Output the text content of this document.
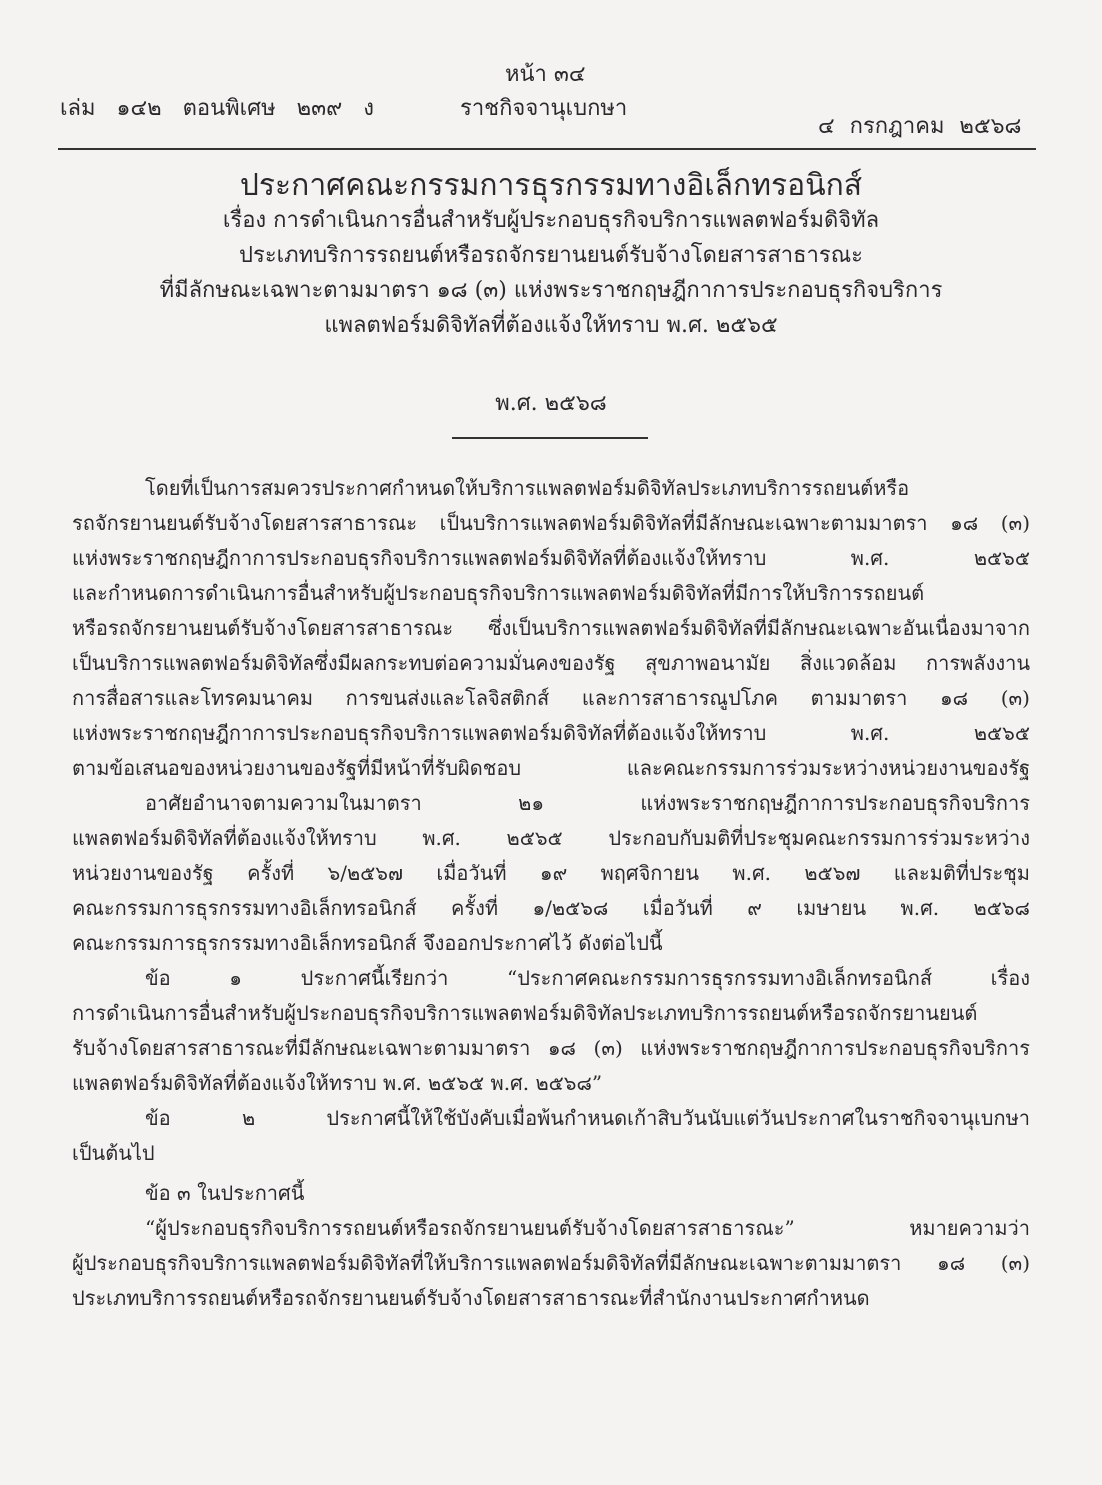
หน้า ๓๔
เล่ม ๑๔๒ ตอนพิเศษ ๒๓๙ ง	ราชกิจจานุเบกษา
๔ กรกฎาคม ๒๕๖๘
ประกาศคณะกรรมการธุรกรรมทางอิเล็กทรอนิกส์
เรื่อง การดำเนินการอื่นสำหรับผู้ประกอบธุรกิจบริการแพลตฟอร์มดิจิทัล
ประเภทบริการรถยนต์หรือรถจักรยานยนต์รับจ้างโดยสารสาธารณะ
ที่มีลักษณะเฉพาะตามมาตรา ๑๘ (๓) แห่งพระราชกฤษฎีกาการประกอบธุรกิจบริการ
แพลตฟอร์มดิจิทัลที่ต้องแจ้งให้ทราบ พ.ศ. ๒๕๖๕
พ.ศ. ๒๕๖๘
โดยที่เป็นการสมควรประกาศกำหนดให้บริการแพลตฟอร์มดิจิทัลประเภทบริการรถยนต์หรือ
รถจักรยานยนต์รับจ้างโดยสารสาธารณะ เป็นบริการแพลตฟอร์มดิจิทัลที่มีลักษณะเฉพาะตามมาตรา ๑๘ (๓)
แห่งพระราชกฤษฎีกาการประกอบธุรกิจบริการแพลตฟอร์มดิจิทัลที่ต้องแจ้งให้ทราบ พ.ศ. ๒๕๖๕
และกำหนดการดำเนินการอื่นสำหรับผู้ประกอบธุรกิจบริการแพลตฟอร์มดิจิทัลที่มีการให้บริการรถยนต์
หรือรถจักรยานยนต์รับจ้างโดยสารสาธารณะ ซึ่งเป็นบริการแพลตฟอร์มดิจิทัลที่มีลักษณะเฉพาะอันเนื่องมาจาก
เป็นบริการแพลตฟอร์มดิจิทัลซึ่งมีผลกระทบต่อความมั่นคงของรัฐ สุขภาพอนามัย สิ่งแวดล้อม การพลังงาน
การสื่อสารและโทรคมนาคม การขนส่งและโลจิสติกส์ และการสาธารณูปโภค ตามมาตรา ๑๘ (๓)
แห่งพระราชกฤษฎีกาการประกอบธุรกิจบริการแพลตฟอร์มดิจิทัลที่ต้องแจ้งให้ทราบ พ.ศ. ๒๕๖๕
ตามข้อเสนอของหน่วยงานของรัฐที่มีหน้าที่รับผิดชอบ และคณะกรรมการร่วมระหว่างหน่วยงานของรัฐ
อาศัยอำนาจตามความในมาตรา ๒๑ แห่งพระราชกฤษฎีกาการประกอบธุรกิจบริการ
แพลตฟอร์มดิจิทัลที่ต้องแจ้งให้ทราบ พ.ศ. ๒๕๖๕ ประกอบกับมติที่ประชุมคณะกรรมการร่วมระหว่าง
หน่วยงานของรัฐ ครั้งที่ ๖/๒๕๖๗ เมื่อวันที่ ๑๙ พฤศจิกายน พ.ศ. ๒๕๖๗ และมติที่ประชุม
คณะกรรมการธุรกรรมทางอิเล็กทรอนิกส์ ครั้งที่ ๑/๒๕๖๘ เมื่อวันที่ ๙ เมษายน พ.ศ. ๒๕๖๘
คณะกรรมการธุรกรรมทางอิเล็กทรอนิกส์ จึงออกประกาศไว้ ดังต่อไปนี้
ข้อ ๑ ประกาศนี้เรียกว่า “ประกาศคณะกรรมการธุรกรรมทางอิเล็กทรอนิกส์ เรื่อง
การดำเนินการอื่นสำหรับผู้ประกอบธุรกิจบริการแพลตฟอร์มดิจิทัลประเภทบริการรถยนต์หรือรถจักรยานยนต์
รับจ้างโดยสารสาธารณะที่มีลักษณะเฉพาะตามมาตรา ๑๘ (๓) แห่งพระราชกฤษฎีกาการประกอบธุรกิจบริการ
แพลตฟอร์มดิจิทัลที่ต้องแจ้งให้ทราบ พ.ศ. ๒๕๖๕ พ.ศ. ๒๕๖๘”
ข้อ ๒ ประกาศนี้ให้ใช้บังคับเมื่อพ้นกำหนดเก้าสิบวันนับแต่วันประกาศในราชกิจจานุเบกษา
เป็นต้นไป
ข้อ ๓ ในประกาศนี้
“ผู้ประกอบธุรกิจบริการรถยนต์หรือรถจักรยานยนต์รับจ้างโดยสารสาธารณะ” หมายความว่า
ผู้ประกอบธุรกิจบริการแพลตฟอร์มดิจิทัลที่ให้บริการแพลตฟอร์มดิจิทัลที่มีลักษณะเฉพาะตามมาตรา ๑๘ (๓)
ประเภทบริการรถยนต์หรือรถจักรยานยนต์รับจ้างโดยสารสาธารณะที่สำนักงานประกาศกำหนด
